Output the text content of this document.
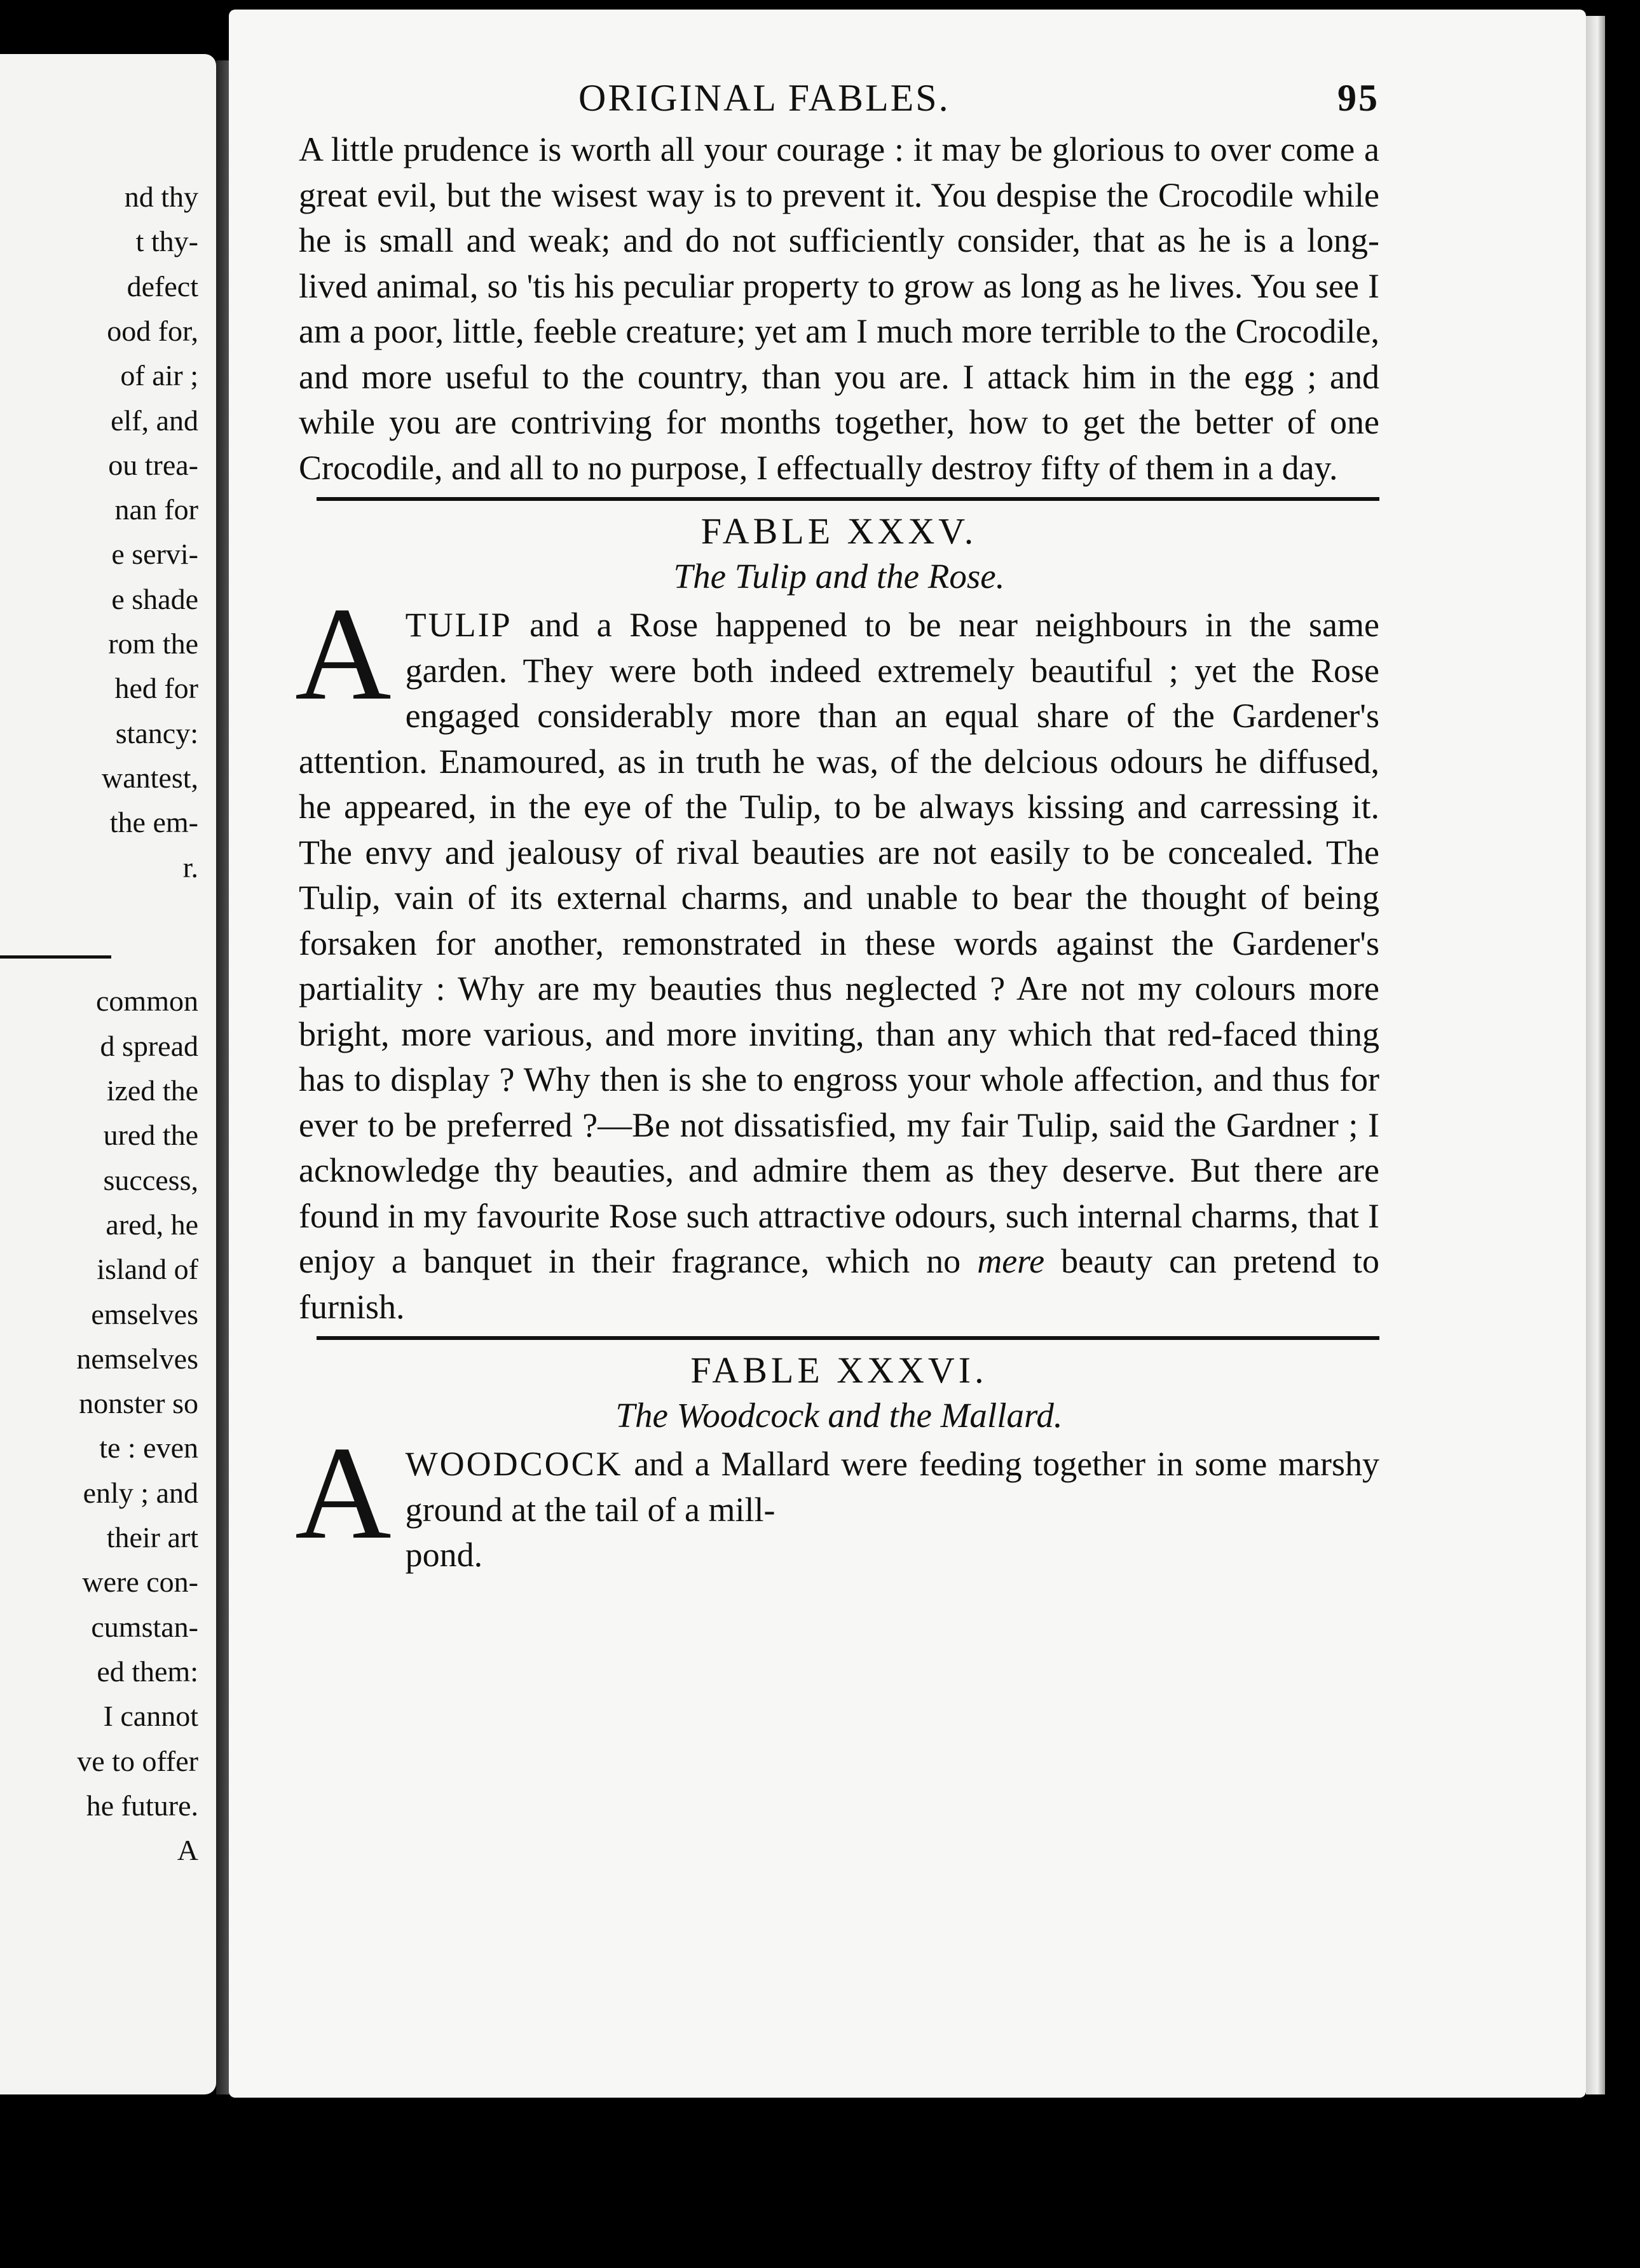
nd thy
t thy-
defect
ood for,
of air ;
elf, and
ou trea-
nan for
e servi-
e shade
rom the
hed for
stancy:
wantest,
the em-
r.
common
d spread
ized the
ured the
success,
ared, he
island of
emselves
nemselves
nonster so
te : even
enly ; and
their art
were con-
cumstan-
ed them:
I cannot
ve to offer
he future.
A
ORIGINAL FABLES.	95

A little prudence is worth all your courage : it may be glorious to over come a great evil, but the wisest way is to prevent it. You despise the Crocodile while he is small and weak; and do not sufficiently consider, that as he is a long-lived animal, so 'tis his peculiar property to grow as long as he lives. You see I am a poor, little, feeble creature; yet am I much more terrible to the Crocodile, and more useful to the country, than you are. I attack him in the egg ; and while you are contriving for months together, how to get the better of one Crocodile, and all to no purpose, I effectually destroy fifty of them in a day.

FABLE XXXV.
The Tulip and the Rose.

A TULIP and a Rose happened to be near neighbours in the same garden. They were both indeed extremely beautiful ; yet the Rose engaged considerably more than an equal share of the Gardener's attention. Enamoured, as in truth he was, of the delcious odours he diffused, he appeared, in the eye of the Tulip, to be always kissing and carressing it. The envy and jealousy of rival beauties are not easily to be concealed. The Tulip, vain of its external charms, and unable to bear the thought of being forsaken for another, remonstrated in these words against the Gardener's partiality : Why are my beauties thus neglected ? Are not my colours more bright, more various, and more inviting, than any which that red-faced thing has to display ? Why then is she to engross your whole affection, and thus for ever to be preferred ?—Be not dissatisfied, my fair Tulip, said the Gardner ; I acknowledge thy beauties, and admire them as they deserve. But there are found in my favourite Rose such attractive odours, such internal charms, that I enjoy a banquet in their fragrance, which no mere beauty can pretend to furnish.

FABLE XXXVI.
The Woodcock and the Mallard.

A WOODCOCK and a Mallard were feeding together in some marshy ground at the tail of a mill-

pond.
